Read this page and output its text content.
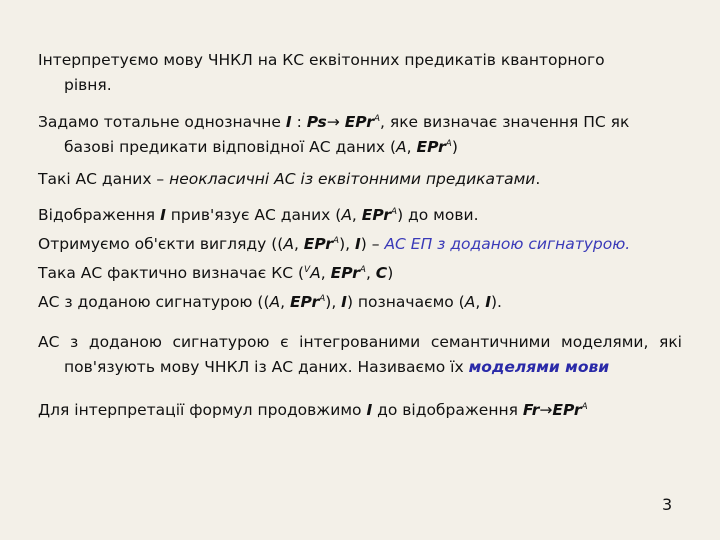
Інтерпретуємо мову ЧНКЛ на КС еквітонних предикатів кванторного
рівня.

Задамо тотальне однозначне I : Ps→ EPr$^A$, яке визначає значення ПС як
базові предикати відповідної АС даних (A, EPr$^A$)

Такі АС даних – неокласичні АС із еквітонними предикатами.

Відображення I прив'язує АС даних (A, EPr$^A$) до мови.

Отримуємо об'єкти вигляду ((A, EPr$^A$), I) – АС ЕП з доданою сигнатурою.

Така АС фактично визначає КС ($^V$A, EPr$^A$, C)

АС з доданою сигнатурою ((A, EPr$^A$), I) позначаємо (A, I).

АС з доданою сигнатурою є інтегрованими семантичними моделями, які
пов'язують мову ЧНКЛ із АС даних. Називаємо їх моделями мови

Для інтерпретації формул продовжимо I до відображення Fr→EPr$^A$

3
